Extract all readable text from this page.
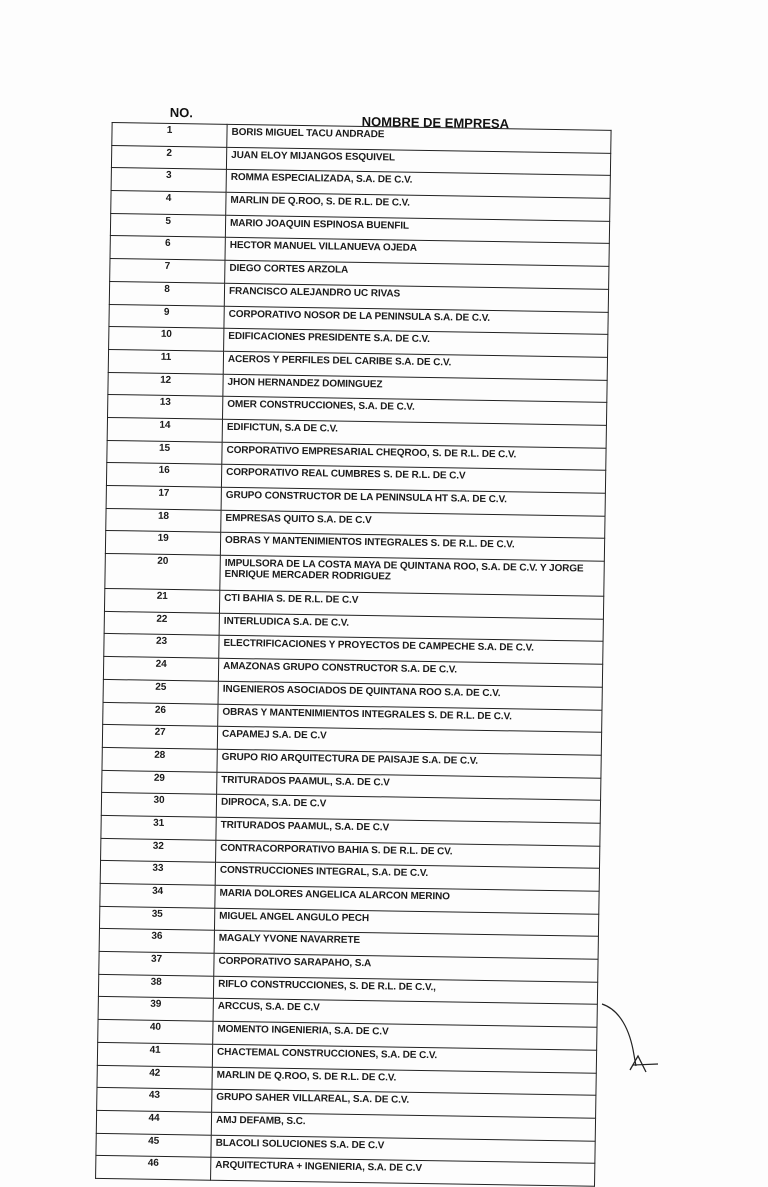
NO.
NOMBRE DE EMPRESA
1	BORIS MIGUEL TACU ANDRADE
2	JUAN ELOY MIJANGOS ESQUIVEL
3	ROMMA ESPECIALIZADA, S.A. DE C.V.
4	MARLIN DE Q.ROO, S. DE R.L. DE C.V.
5	MARIO JOAQUIN ESPINOSA BUENFIL
6	HECTOR MANUEL VILLANUEVA OJEDA
7	DIEGO CORTES ARZOLA
8	FRANCISCO ALEJANDRO UC RIVAS
9	CORPORATIVO NOSOR DE LA PENINSULA S.A. DE C.V.
10	EDIFICACIONES PRESIDENTE S.A. DE C.V.
11	ACEROS Y PERFILES DEL CARIBE S.A. DE C.V.
12	JHON HERNANDEZ DOMINGUEZ
13	OMER CONSTRUCCIONES, S.A. DE C.V.
14	EDIFICTUN, S.A DE C.V.
15	CORPORATIVO EMPRESARIAL CHEQROO, S. DE R.L. DE C.V.
16	CORPORATIVO REAL CUMBRES S. DE R.L. DE C.V
17	GRUPO CONSTRUCTOR DE LA PENINSULA HT S.A. DE C.V.
18	EMPRESAS QUITO S.A. DE C.V
19	OBRAS Y MANTENIMIENTOS INTEGRALES S. DE R.L. DE C.V.
20	IMPULSORA DE LA COSTA MAYA DE QUINTANA ROO, S.A. DE C.V. Y JORGE ENRIQUE MERCADER RODRIGUEZ
21	CTI BAHIA S. DE R.L. DE C.V
22	INTERLUDICA S.A. DE C.V.
23	ELECTRIFICACIONES Y PROYECTOS DE CAMPECHE S.A. DE C.V.
24	AMAZONAS GRUPO CONSTRUCTOR S.A. DE C.V.
25	INGENIEROS ASOCIADOS DE QUINTANA ROO S.A. DE C.V.
26	OBRAS Y MANTENIMIENTOS INTEGRALES S. DE R.L. DE C.V.
27	CAPAMEJ S.A. DE C.V
28	GRUPO RIO ARQUITECTURA DE PAISAJE S.A. DE C.V.
29	TRITURADOS PAAMUL, S.A. DE C.V
30	DIPROCA, S.A. DE C.V
31	TRITURADOS PAAMUL, S.A. DE C.V
32	CONTRACORPORATIVO BAHIA S. DE R.L. DE CV.
33	CONSTRUCCIONES INTEGRAL, S.A. DE C.V.
34	MARIA DOLORES ANGELICA ALARCON MERINO
35	MIGUEL ANGEL ANGULO PECH
36	MAGALY YVONE NAVARRETE
37	CORPORATIVO SARAPAHO, S.A
38	RIFLO CONSTRUCCIONES, S. DE R.L. DE C.V.,
39	ARCCUS, S.A. DE C.V
40	MOMENTO INGENIERIA, S.A. DE C.V
41	CHACTEMAL CONSTRUCCIONES, S.A. DE C.V.
42	MARLIN DE Q.ROO, S. DE R.L. DE C.V.
43	GRUPO SAHER VILLAREAL, S.A. DE C.V.
44	AMJ DEFAMB, S.C.
45	BLACOLI SOLUCIONES S.A. DE C.V
46	ARQUITECTURA + INGENIERIA, S.A. DE C.V
